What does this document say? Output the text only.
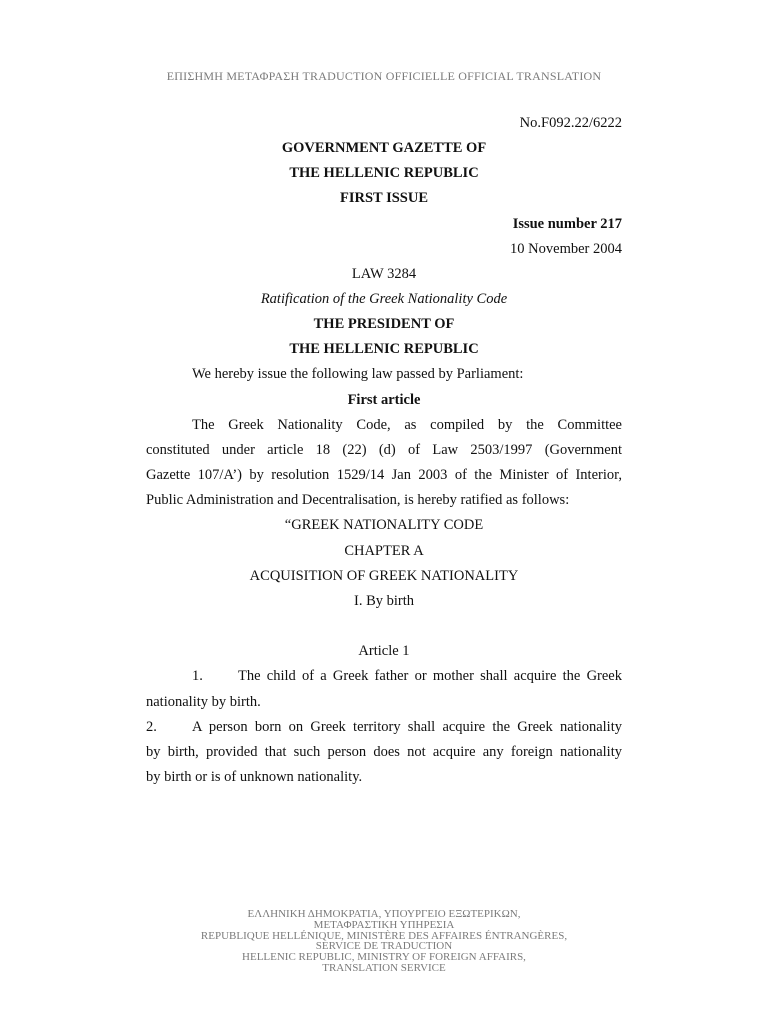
ΕΠΙΣΗΜΗ ΜΕΤΑΦΡΑΣΗ TRADUCTION OFFICIELLE OFFICIAL TRANSLATION
No.F092.22/6222
GOVERNMENT GAZETTE OF
THE HELLENIC REPUBLIC
FIRST ISSUE
Issue number 217
10 November 2004
LAW 3284
Ratification of the Greek Nationality Code
THE PRESIDENT OF
THE HELLENIC REPUBLIC
We hereby issue the following law passed by Parliament:
First article
The Greek Nationality Code, as compiled by the Committee
constituted under article 18 (22) (d) of Law 2503/1997 (Government
Gazette 107/A’) by resolution 1529/14 Jan 2003 of the Minister of Interior,
Public Administration and Decentralisation, is hereby ratified as follows:
“GREEK NATIONALITY CODE
CHAPTER A
ACQUISITION OF GREEK NATIONALITY
I. By birth
Article 1
1.	The child of a Greek father or mother shall acquire the Greek
nationality by birth.
2.	A person born on Greek territory shall acquire the Greek nationality
by birth, provided that such person does not acquire any foreign nationality
by birth or is of unknown nationality.
ΕΛΛΗΝΙΚΗ ΔΗΜΟΚΡΑΤΙΑ, ΥΠΟΥΡΓΕΙΟ ΕΞΩΤΕΡΙΚΩΝ,
ΜΕΤΑΦΡΑΣΤΙΚΗ ΥΠΗΡΕΣΙΑ
REPUBLIQUE HELLÉNIQUE, MINISTÈRE DES AFFAIRES ÉNTRANGÈRES,
SERVICE DE TRADUCTION
HELLENIC REPUBLIC, MINISTRY OF FOREIGN AFFAIRS,
TRANSLATION SERVICE
